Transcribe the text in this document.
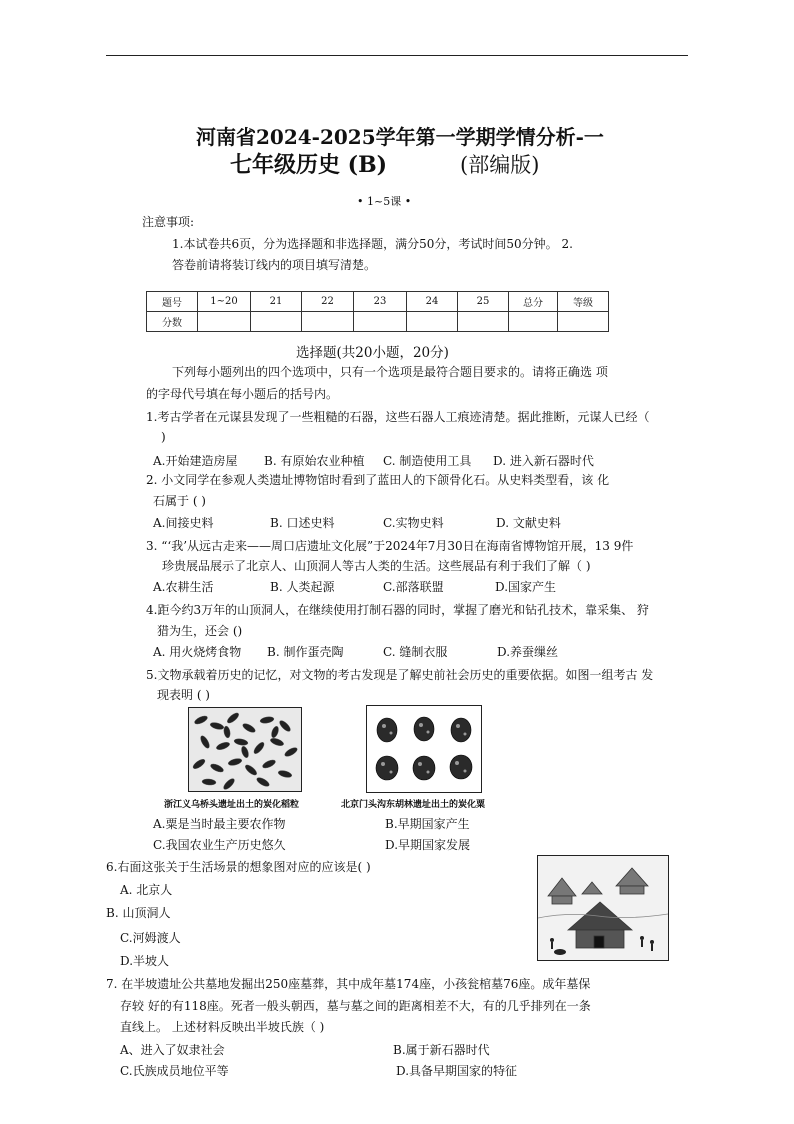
河南省2024-2025学年第一学期学情分析-一
七年级历史 (B)	(部编版)
• 1~5课 •
注意事项:
1.本试卷共6页，分为选择题和非选择题，满分50分，考试时间50分钟。 2.
答卷前请将装订线内的项目填写清楚。
题号	1~20	21	22	23	24	25	总分	等级
分数								
选择题(共20小题，20分)
下列每小题列出的四个选项中，只有一个选项是最符合题目要求的。请将正确选 项
的字母代号填在每小题后的括号内。
1.考古学者在元谋县发现了一些粗糙的石器，这些石器人工痕迹清楚。据此推断，元谋人已经（
)
A.开始建造房屋 B. 有原始农业种植 C. 制造使用工具 D. 进入新石器时代
2. 小文同学在参观人类遗址博物馆时看到了蓝田人的下颌骨化石。从史料类型看，该 化
石属于 ( )
A.间接史料	B. 口述史料	C.实物史料	D. 文献史料
3. “‘我’从远古走来——周口店遗址文化展”于2024年7月30日在海南省博物馆开展，13 9件
珍贵展品展示了北京人、山顶洞人等古人类的生活。这些展品有利于我们了解（ )
A.农耕生活	B. 人类起源	C.部落联盟	D.国家产生
4.距今约3万年的山顶洞人，在继续使用打制石器的同时，掌握了磨光和钻孔技术，靠采集、 狩
猎为生，还会 ()
A. 用火烧烤食物 B. 制作蛋壳陶	C. 缝制衣服	D.养蚕缫丝
5.文物承载着历史的记忆，对文物的考古发现是了解史前社会历史的重要依据。如图一组考古 发
现表明 ( )
浙江义乌桥头遗址出土的炭化稻粒	北京门头沟东胡林遗址出土的炭化粟
A.粟是当时最主要农作物	B.早期国家产生
C.我国农业生产历史悠久	D.早期国家发展
6.右面这张关于生活场景的想象图对应的应该是( )
A. 北京人
B. 山顶洞人
C.河姆渡人
D.半坡人
7. 在半坡遗址公共墓地发掘出250座墓葬，其中成年墓174座，小孩瓮棺墓76座。成年墓保
存较 好的有118座。死者一般头朝西，墓与墓之间的距离相差不大，有的几乎排列在一条
直线上。 上述材料反映出半坡氏族（ )
A、进入了奴隶社会	B.属于新石器时代
C.氏族成员地位平等	D.具备早期国家的特征
